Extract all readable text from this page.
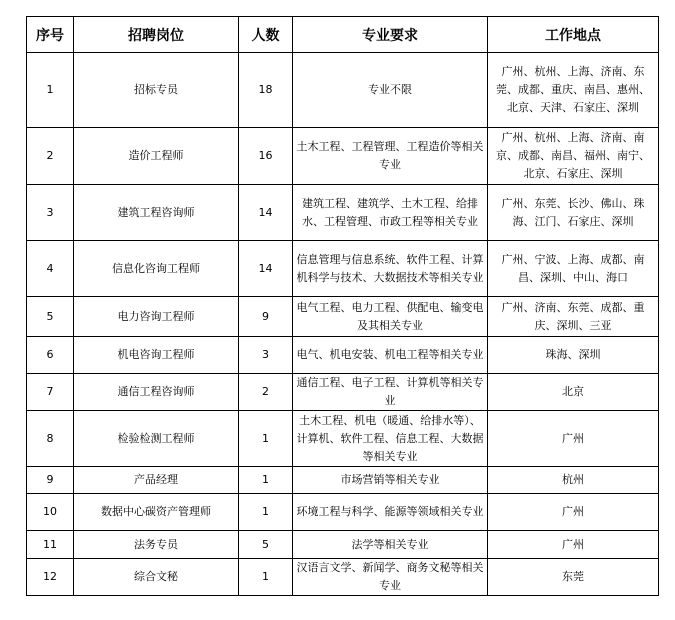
序号	招聘岗位	人数	专业要求	工作地点
1	招标专员	18	专业不限	广州、杭州、上海、济南、东莞、成都、重庆、南昌、惠州、北京、天津、石家庄、深圳
2	造价工程师	16	土木工程、工程管理、工程造价等相关专业	广州、杭州、上海、济南、南京、成都、南昌、福州、南宁、北京、石家庄、深圳
3	建筑工程咨询师	14	建筑工程、建筑学、土木工程、给排水、工程管理、市政工程等相关专业	广州、东莞、长沙、佛山、珠海、江门、石家庄、深圳
4	信息化咨询工程师	14	信息管理与信息系统、软件工程、计算机科学与技术、大数据技术等相关专业	广州、宁波、上海、成都、南昌、深圳、中山、海口
5	电力咨询工程师	9	电气工程、电力工程、供配电、输变电及其相关专业	广州、济南、东莞、成都、重庆、深圳、三亚
6	机电咨询工程师	3	电气、机电安装、机电工程等相关专业	珠海、深圳
7	通信工程咨询师	2	通信工程、电子工程、计算机等相关专业	北京
8	检验检测工程师	1	土木工程、机电（暖通、给排水等）、计算机、软件工程、信息工程、大数据等相关专业	广州
9	产品经理	1	市场营销等相关专业	杭州
10	数据中心碳资产管理师	1	环境工程与科学、能源等领域相关专业	广州
11	法务专员	5	法学等相关专业	广州
12	综合文秘	1	汉语言文学、新闻学、商务文秘等相关专业	东莞
